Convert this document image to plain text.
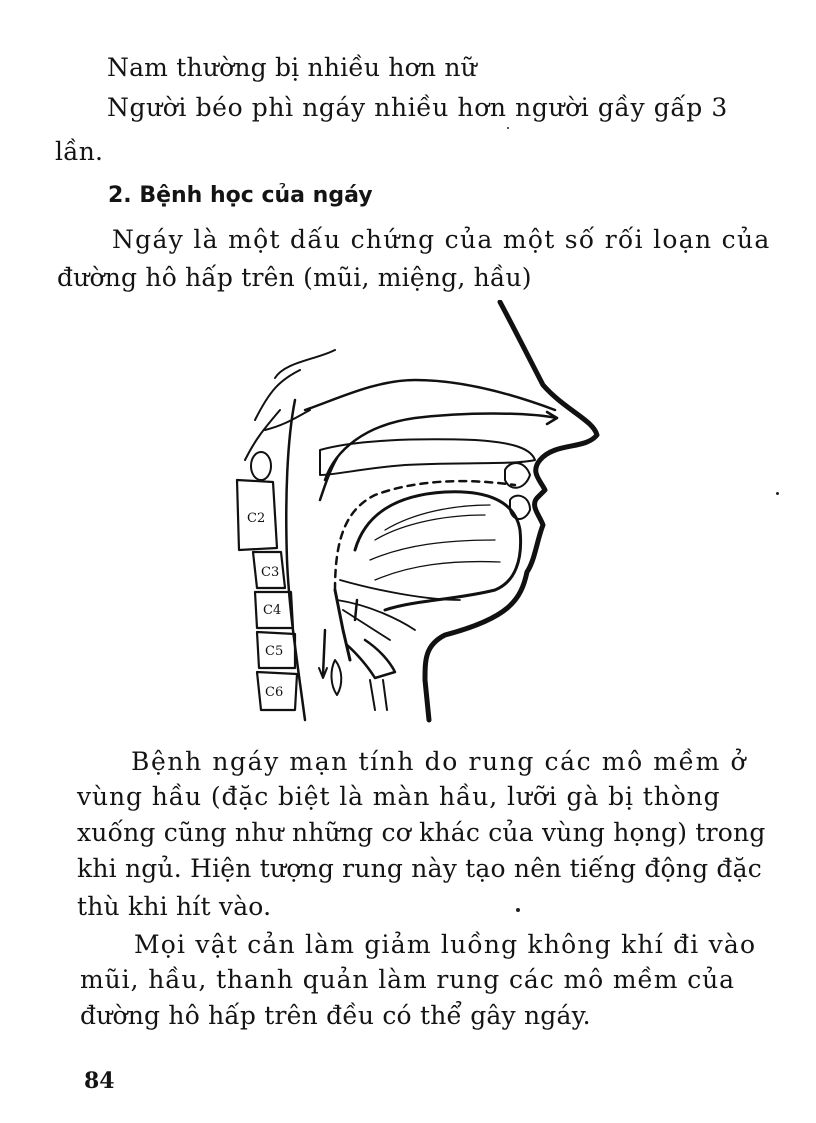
Nam thường bị nhiều hơn nữ
Người béo phì ngáy nhiều hơn người gầy gấp 3
lần.
2. Bệnh học của ngáy
Ngáy là một dấu chứng của một số rối loạn của
đường hô hấp trên (mũi, miệng, hầu)
C2
C3
C4
C5
C6
Bệnh ngáy mạn tính do rung các mô mềm ở
vùng hầu (đặc biệt là màn hầu, lưỡi gà bị thòng
xuống cũng như những cơ khác của vùng họng) trong
khi ngủ. Hiện tượng rung này tạo nên tiếng động đặc
thù khi hít vào.
Mọi vật cản làm giảm luồng không khí đi vào
mũi, hầu, thanh quản làm rung các mô mềm của
đường hô hấp trên đều có thể gây ngáy.
84
